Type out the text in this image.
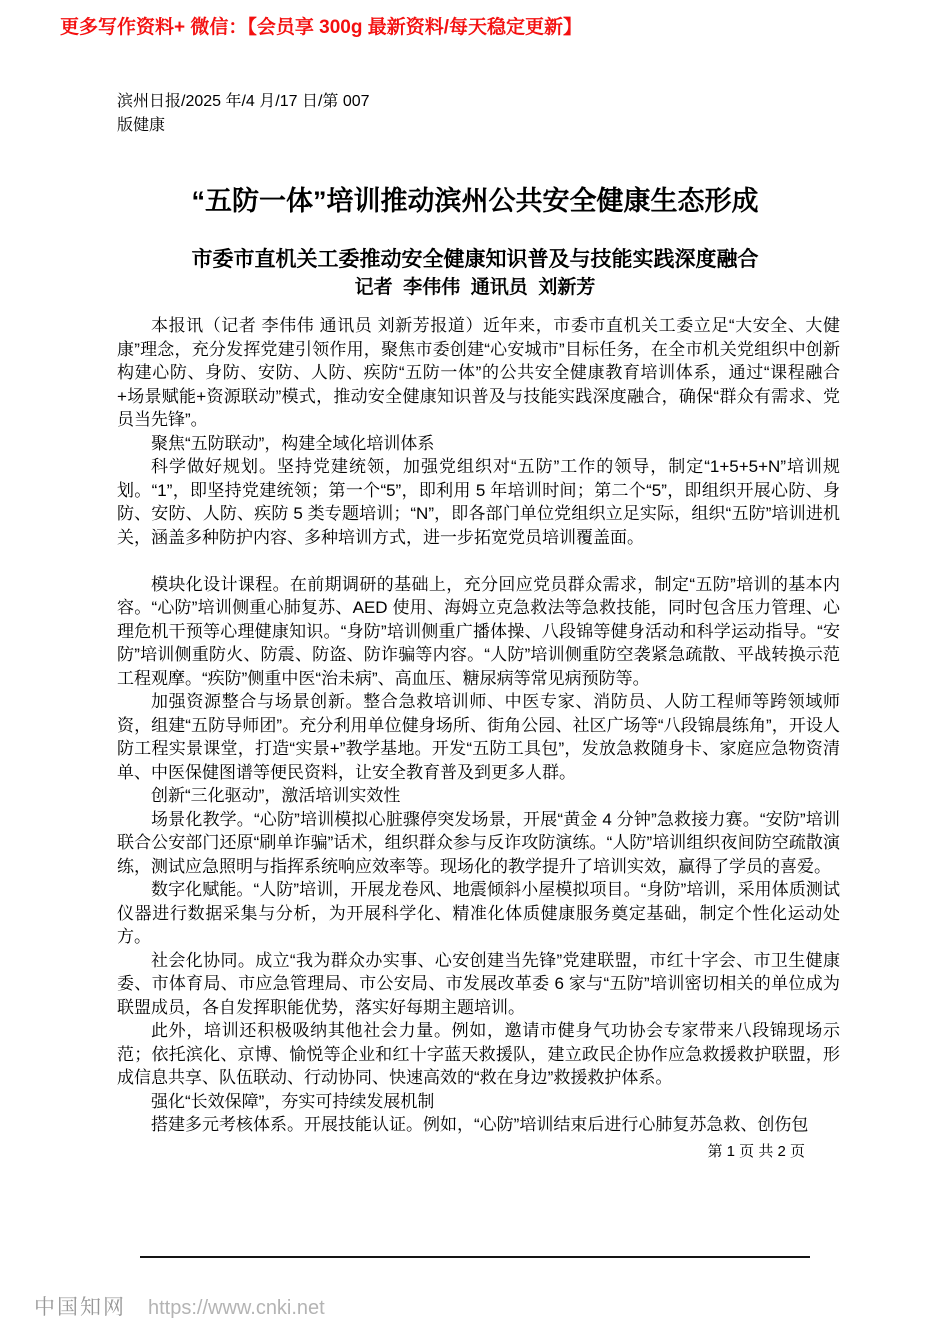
更多写作资料+ 微信：【会员享 300g 最新资料/每天稳定更新】
滨州日报/2025 年/4 月/17 日/第 007
版健康
“五防一体”培训推动滨州公共安全健康生态形成
市委市直机关工委推动安全健康知识普及与技能实践深度融合
记者  李伟伟  通讯员  刘新芳

本报讯（记者 李伟伟 通讯员 刘新芳报道）近年来，市委市直机关工委立足“大安全、大健康”理念，充分发挥党建引领作用，聚焦市委创建“心安城市”目标任务，在全市机关党组织中创新构建心防、身防、安防、人防、疾防“五防一体”的公共安全健康教育培训体系，通过“课程融合+场景赋能+资源联动”模式，推动安全健康知识普及与技能实践深度融合，确保“群众有需求、党员当先锋”。

聚焦“五防联动”，构建全域化培训体系

科学做好规划。坚持党建统领，加强党组织对“五防”工作的领导，制定“1+5+5+N”培训规划。“1”，即坚持党建统领；第一个“5”，即利用 5 年培训时间；第二个“5”，即组织开展心防、身防、安防、人防、疾防 5 类专题培训；“N”，即各部门单位党组织立足实际，组织“五防”培训进机关，涵盖多种防护内容、多种培训方式，进一步拓宽党员培训覆盖面。

模块化设计课程。在前期调研的基础上，充分回应党员群众需求，制定“五防”培训的基本内容。“心防”培训侧重心肺复苏、AED 使用、海姆立克急救法等急救技能，同时包含压力管理、心理危机干预等心理健康知识。“身防”培训侧重广播体操、八段锦等健身活动和科学运动指导。“安防”培训侧重防火、防震、防盗、防诈骗等内容。“人防”培训侧重防空袭紧急疏散、平战转换示范工程观摩。“疾防”侧重中医“治未病”、高血压、糖尿病等常见病预防等。

加强资源整合与场景创新。整合急救培训师、中医专家、消防员、人防工程师等跨领域师资，组建“五防导师团”。充分利用单位健身场所、街角公园、社区广场等“八段锦晨练角”，开设人防工程实景课堂，打造“实景+”教学基地。开发“五防工具包”，发放急救随身卡、家庭应急物资清单、中医保健图谱等便民资料，让安全教育普及到更多人群。

创新“三化驱动”，激活培训实效性

场景化教学。“心防”培训模拟心脏骤停突发场景，开展“黄金 4 分钟”急救接力赛。“安防”培训联合公安部门还原“刷单诈骗”话术，组织群众参与反诈攻防演练。“人防”培训组织夜间防空疏散演练，测试应急照明与指挥系统响应效率等。现场化的教学提升了培训实效，赢得了学员的喜爱。

数字化赋能。“人防”培训，开展龙卷风、地震倾斜小屋模拟项目。“身防”培训，采用体质测试仪器进行数据采集与分析，为开展科学化、精准化体质健康服务奠定基础，制定个性化运动处方。

社会化协同。成立“我为群众办实事、心安创建当先锋”党建联盟，市红十字会、市卫生健康委、市体育局、市应急管理局、市公安局、市发展改革委 6 家与“五防”培训密切相关的单位成为联盟成员，各自发挥职能优势，落实好每期主题培训。

此外，培训还积极吸纳其他社会力量。例如，邀请市健身气功协会专家带来八段锦现场示范；依托滨化、京博、愉悦等企业和红十字蓝天救援队，建立政民企协作应急救援救护联盟，形成信息共享、队伍联动、行动协同、快速高效的“救在身边”救援救护体系。

强化“长效保障”，夯实可持续发展机制

搭建多元考核体系。开展技能认证。例如，“心防”培训结束后进行心肺复苏急救、创伤包

第 1 页 共 2 页
中国知网 https://www.cnki.net
